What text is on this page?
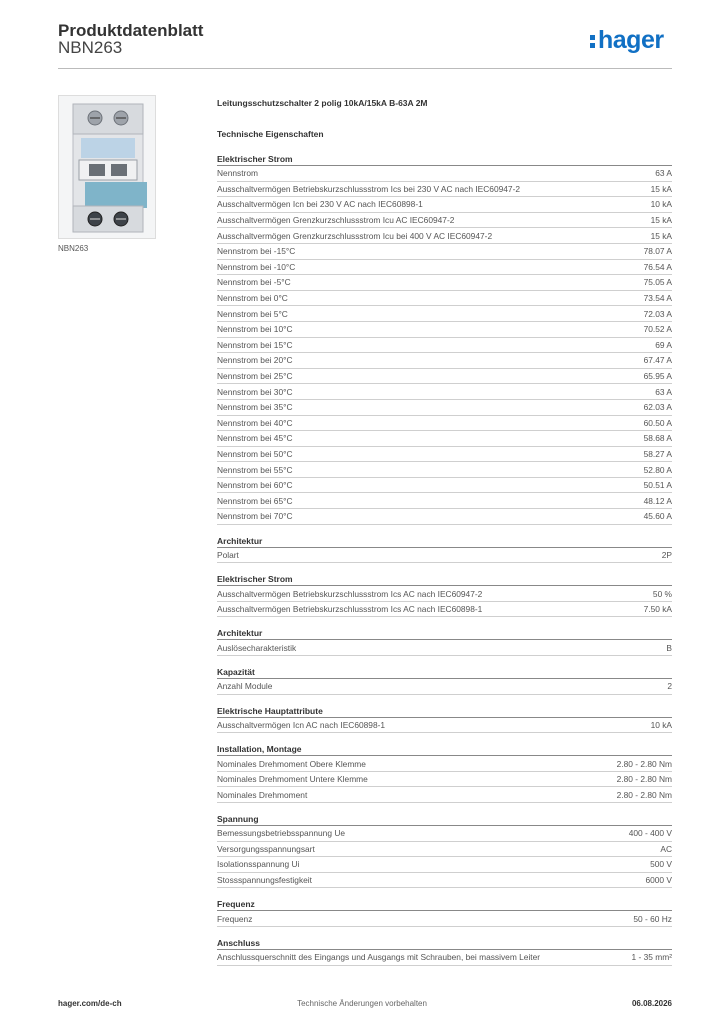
Produktdatenblatt
NBN263	hager
NBN263
Leitungsschutzschalter 2 polig 10kA/15kA B-63A 2M
Technische Eigenschaften
Elektrischer Strom
Nennstrom	63 A
Ausschaltvermögen Betriebskurzschlussstrom Ics bei 230 V AC nach IEC60947-2	15 kA
Ausschaltvermögen Icn bei 230 V AC nach IEC60898-1	10 kA
Ausschaltvermögen Grenzkurzschlussstrom Icu AC IEC60947-2	15 kA
Ausschaltvermögen Grenzkurzschlussstrom Icu bei 400 V AC IEC60947-2	15 kA
Nennstrom bei -15°C	78.07 A
Nennstrom bei -10°C	76.54 A
Nennstrom bei -5°C	75.05 A
Nennstrom bei 0°C	73.54 A
Nennstrom bei 5°C	72.03 A
Nennstrom bei 10°C	70.52 A
Nennstrom bei 15°C	69 A
Nennstrom bei 20°C	67.47 A
Nennstrom bei 25°C	65.95 A
Nennstrom bei 30°C	63 A
Nennstrom bei 35°C	62.03 A
Nennstrom bei 40°C	60.50 A
Nennstrom bei 45°C	58.68 A
Nennstrom bei 50°C	58.27 A
Nennstrom bei 55°C	52.80 A
Nennstrom bei 60°C	50.51 A
Nennstrom bei 65°C	48.12 A
Nennstrom bei 70°C	45.60 A
Architektur
Polart	2P
Elektrischer Strom
Ausschaltvermögen Betriebskurzschlussstrom Ics AC nach IEC60947-2	50 %
Ausschaltvermögen Betriebskurzschlussstrom Ics AC nach IEC60898-1	7.50 kA
Architektur
Auslösecharakteristik	B
Kapazität
Anzahl Module	2
Elektrische Hauptattribute
Ausschaltvermögen Icn AC nach IEC60898-1	10 kA
Installation, Montage
Nominales Drehmoment Obere Klemme	2.80 - 2.80 Nm
Nominales Drehmoment Untere Klemme	2.80 - 2.80 Nm
Nominales Drehmoment	2.80 - 2.80 Nm
Spannung
Bemessungsbetriebsspannung Ue	400 - 400 V
Versorgungsspannungsart	AC
Isolationsspannung Ui	500 V
Stossspannungsfestigkeit	6000 V
Frequenz
Frequenz	50 - 60 Hz
Anschluss
Anschlussquerschnitt des Eingangs und Ausgangs mit Schrauben, bei massivem Leiter	1 - 35 mm²
hager.com/de-ch	Technische Änderungen vorbehalten	06.08.2026
